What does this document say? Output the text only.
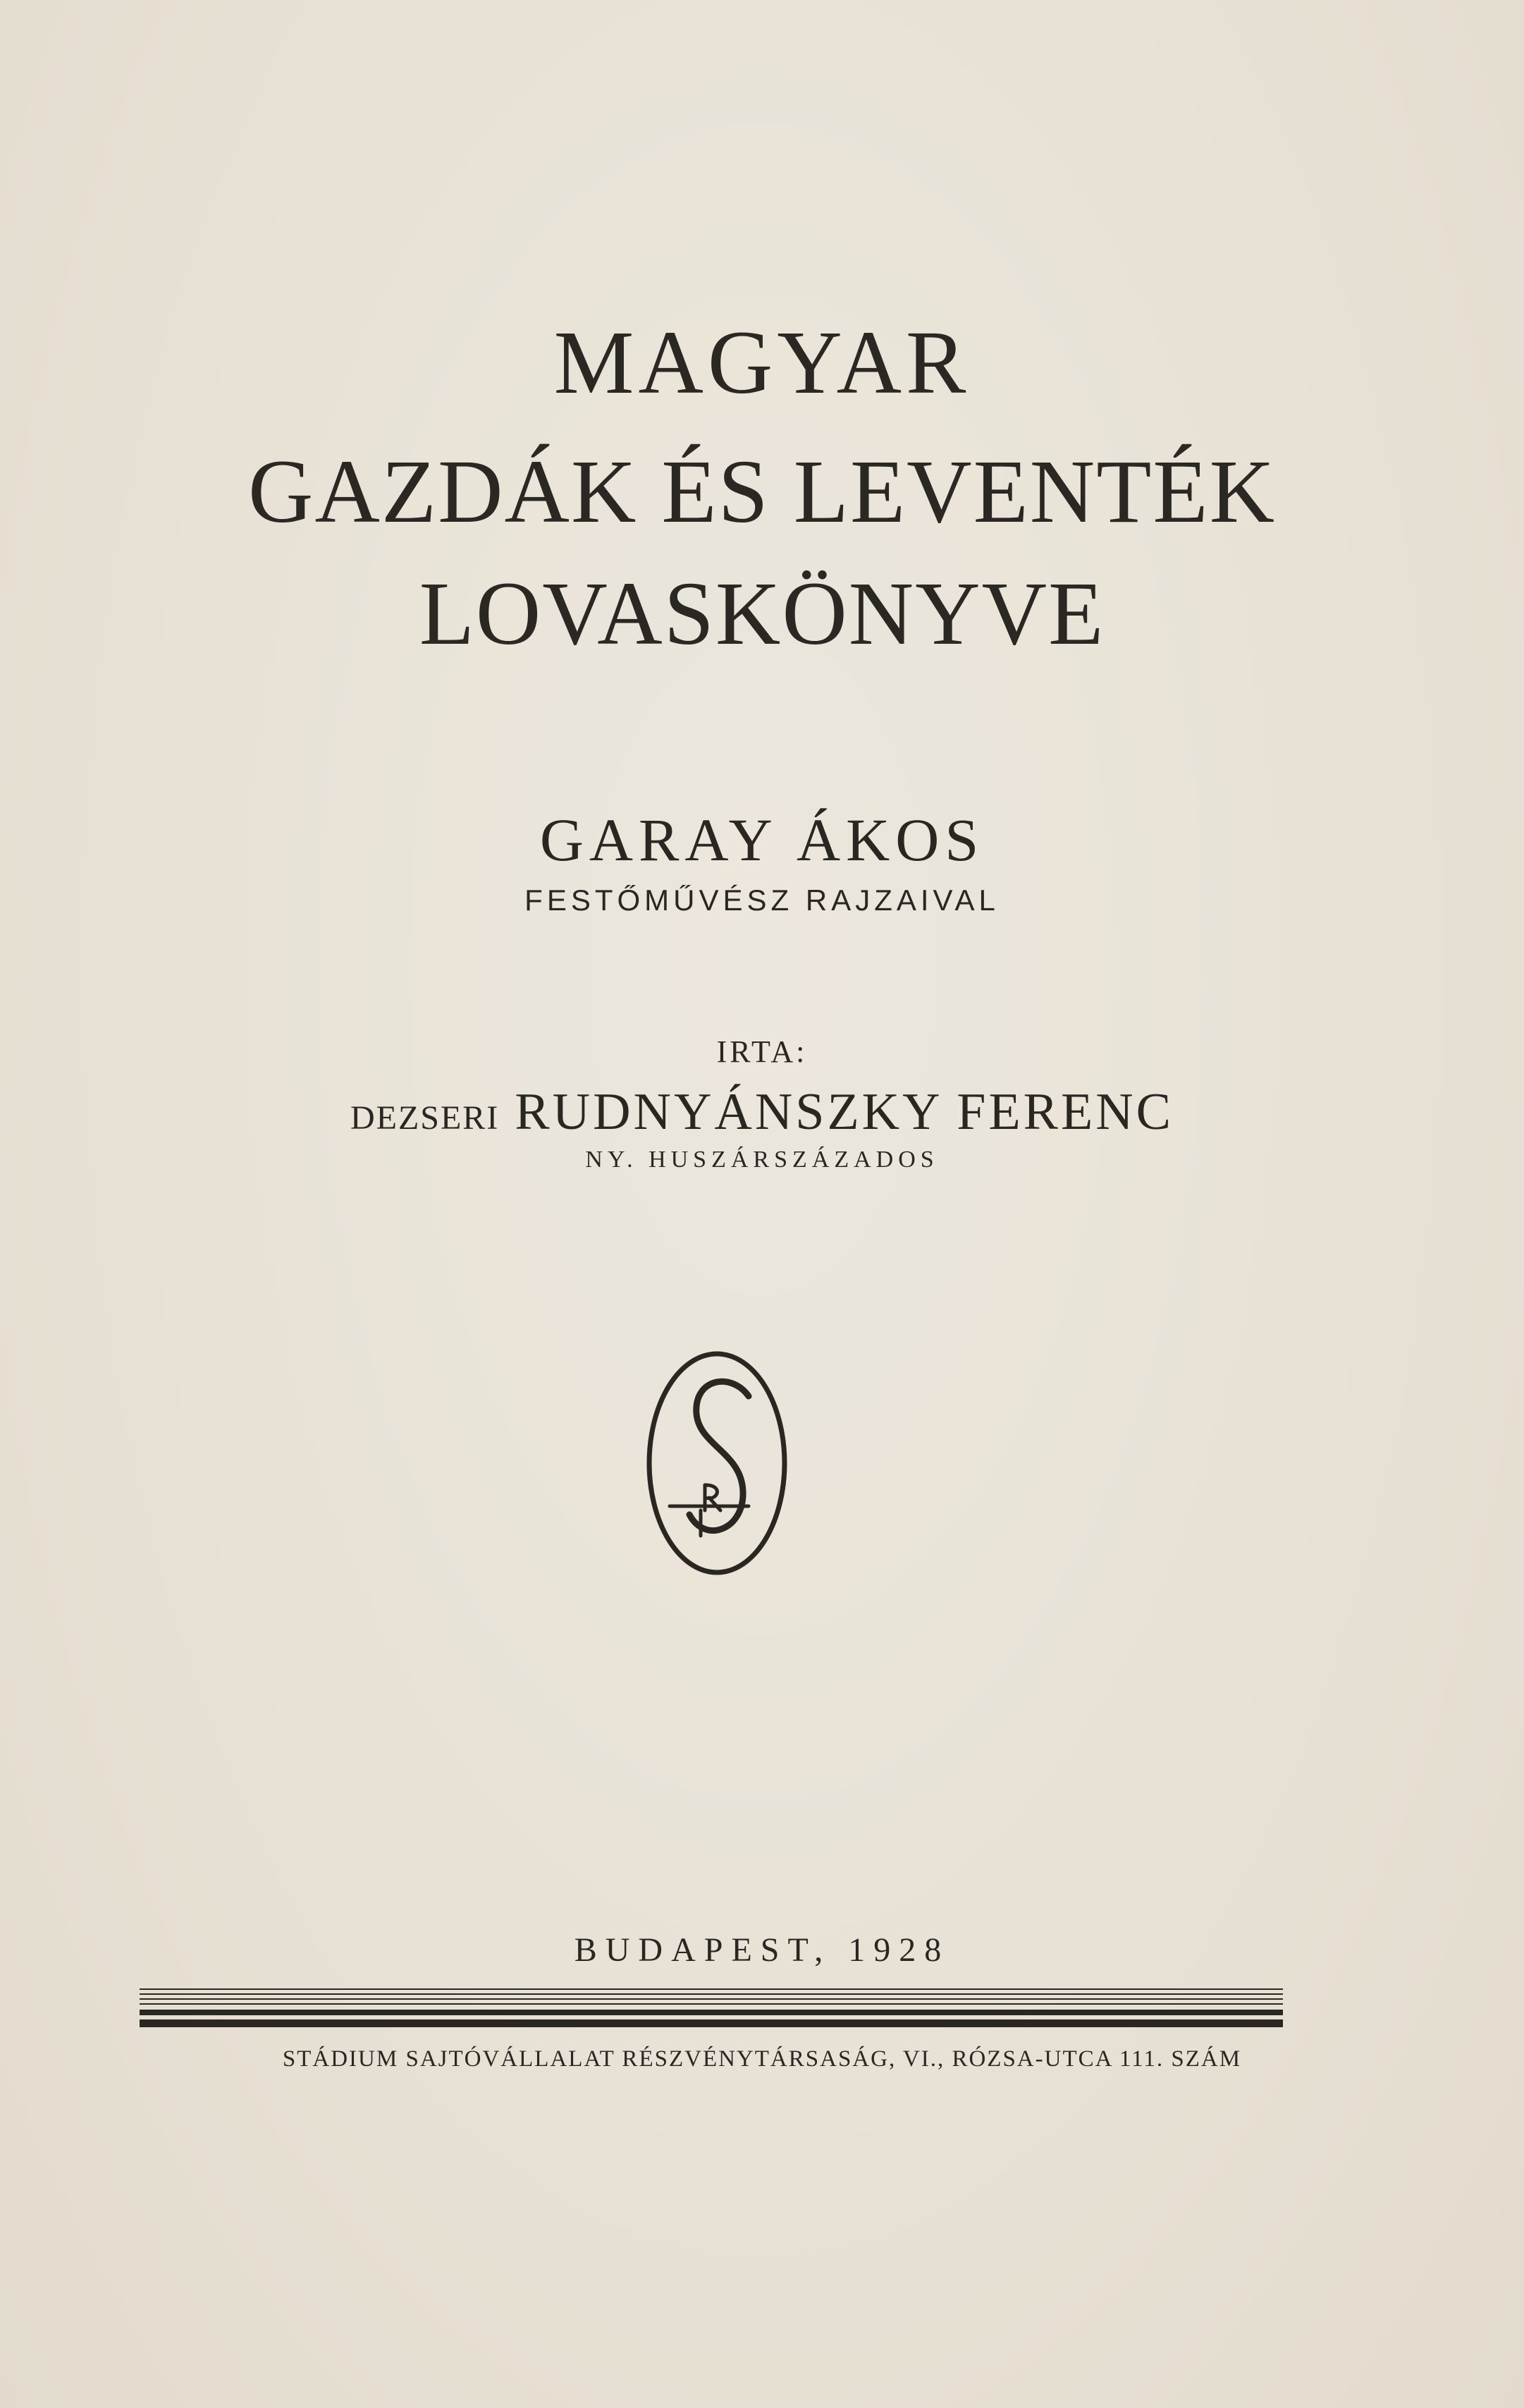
MAGYAR
GAZDÁK ÉS LEVENTÉK
LOVASKÖNYVE
GARAY ÁKOS
FESTŐMŰVÉSZ RAJZAIVAL
IRTA:
DEZSERI RUDNYÁNSZKY FERENC
NY. HUSZÁRSZÁZADOS
BUDAPEST, 1928
STÁDIUM SAJTÓVÁLLALAT RÉSZVÉNYTÁRSASÁG, VI., RÓZSA-UTCA 111. SZÁM
